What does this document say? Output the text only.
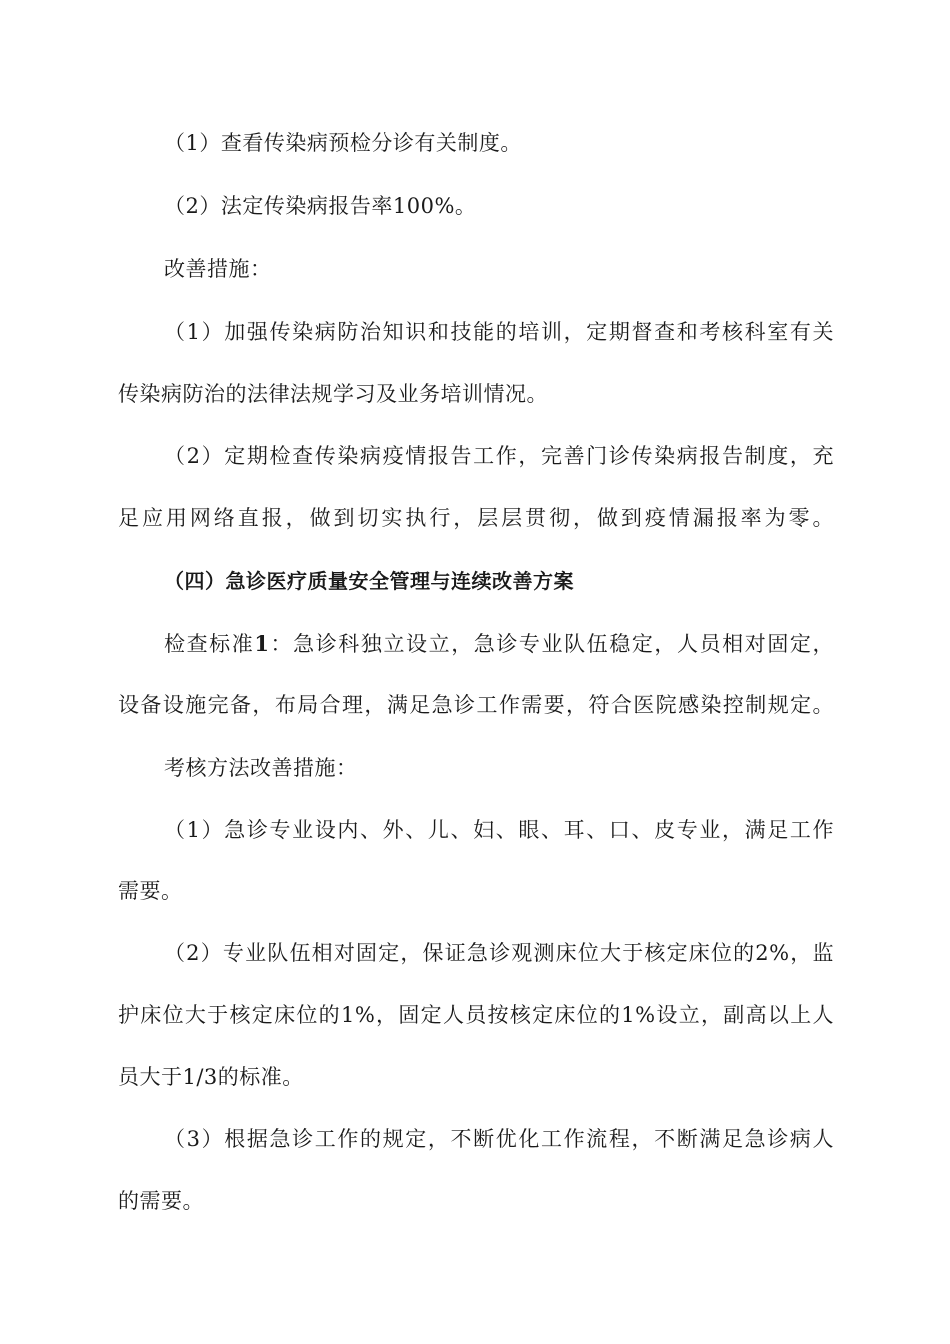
（1）查看传染病预检分诊有关制度。
（2）法定传染病报告率100%。
改善措施：
（1）加强传染病防治知识和技能的培训，定期督查和考核科室有关
传染病防治的法律法规学习及业务培训情况。
（2）定期检查传染病疫情报告工作，完善门诊传染病报告制度，充
足应用网络直报，做到切实执行，层层贯彻，做到疫情漏报率为零。
（四）急诊医疗质量安全管理与连续改善方案
检查标准1：急诊科独立设立，急诊专业队伍稳定，人员相对固定，
设备设施完备，布局合理，满足急诊工作需要，符合医院感染控制规定。
考核方法改善措施：
（1）急诊专业设内、外、儿、妇、眼、耳、口、皮专业，满足工作
需要。
（2）专业队伍相对固定，保证急诊观测床位大于核定床位的2%，监
护床位大于核定床位的1%，固定人员按核定床位的1%设立，副高以上人
员大于1/3的标准。
（3）根据急诊工作的规定，不断优化工作流程，不断满足急诊病人
的需要。
